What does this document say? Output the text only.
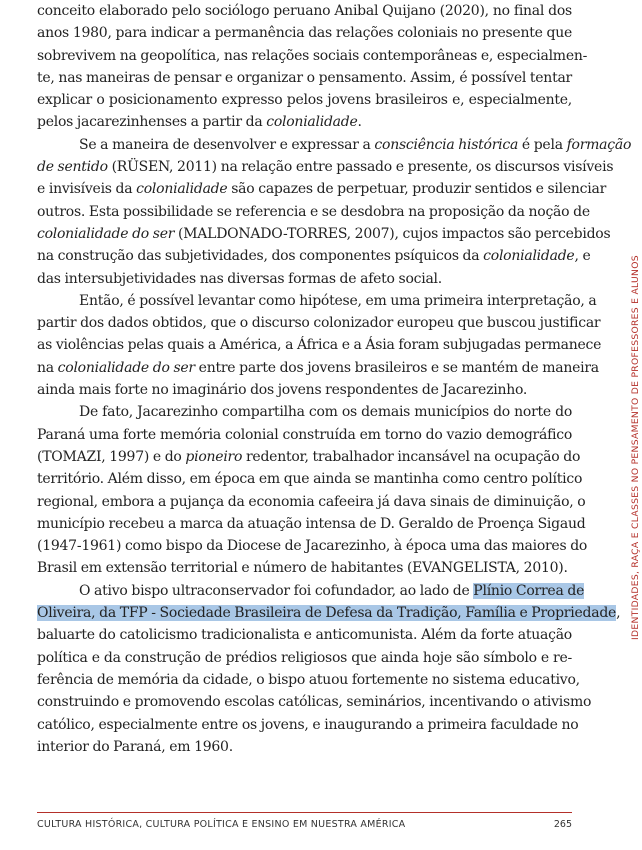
conceito elaborado pelo sociólogo peruano Anibal Quijano (2020), no final dos
anos 1980, para indicar a permanência das relações coloniais no presente que
sobrevivem na geopolítica, nas relações sociais contemporâneas e, especialmen-
te, nas maneiras de pensar e organizar o pensamento. Assim, é possível tentar
explicar o posicionamento expresso pelos jovens brasileiros e, especialmente,
pelos jacarezinhenses a partir da colonialidade.
Se a maneira de desenvolver e expressar a consciência histórica é pela formação
de sentido (RÜSEN, 2011) na relação entre passado e presente, os discursos visíveis
e invisíveis da colonialidade são capazes de perpetuar, produzir sentidos e silenciar
outros. Esta possibilidade se referencia e se desdobra na proposição da noção de
colonialidade do ser (MALDONADO-TORRES, 2007), cujos impactos são percebidos
na construção das subjetividades, dos componentes psíquicos da colonialidade, e
das intersubjetividades nas diversas formas de afeto social.
Então, é possível levantar como hipótese, em uma primeira interpretação, a
partir dos dados obtidos, que o discurso colonizador europeu que buscou justificar
as violências pelas quais a América, a África e a Ásia foram subjugadas permanece
na colonialidade do ser entre parte dos jovens brasileiros e se mantém de maneira
ainda mais forte no imaginário dos jovens respondentes de Jacarezinho.
De fato, Jacarezinho compartilha com os demais municípios do norte do
Paraná uma forte memória colonial construída em torno do vazio demográfico
(TOMAZI, 1997) e do pioneiro redentor, trabalhador incansável na ocupação do
território. Além disso, em época em que ainda se mantinha como centro político
regional, embora a pujança da economia cafeeira já dava sinais de diminuição, o
município recebeu a marca da atuação intensa de D. Geraldo de Proença Sigaud
(1947-1961) como bispo da Diocese de Jacarezinho, à época uma das maiores do
Brasil em extensão territorial e número de habitantes (EVANGELISTA, 2010).
O ativo bispo ultraconservador foi cofundador, ao lado de Plínio Correa de
Oliveira, da TFP - Sociedade Brasileira de Defesa da Tradição, Família e Propriedade,
baluarte do catolicismo tradicionalista e anticomunista. Além da forte atuação
política e da construção de prédios religiosos que ainda hoje são símbolo e re-
ferência de memória da cidade, o bispo atuou fortemente no sistema educativo,
construindo e promovendo escolas católicas, seminários, incentivando o ativismo
católico, especialmente entre os jovens, e inaugurando a primeira faculdade no
interior do Paraná, em 1960.
IDENTIDADES, RAÇA E CLASSES NO PENSAMENTO DE PROFESSORES E ALUNOS
CULTURA HISTÓRICA, CULTURA POLÍTICA E ENSINO EM NUESTRA AMÉRICA	265
